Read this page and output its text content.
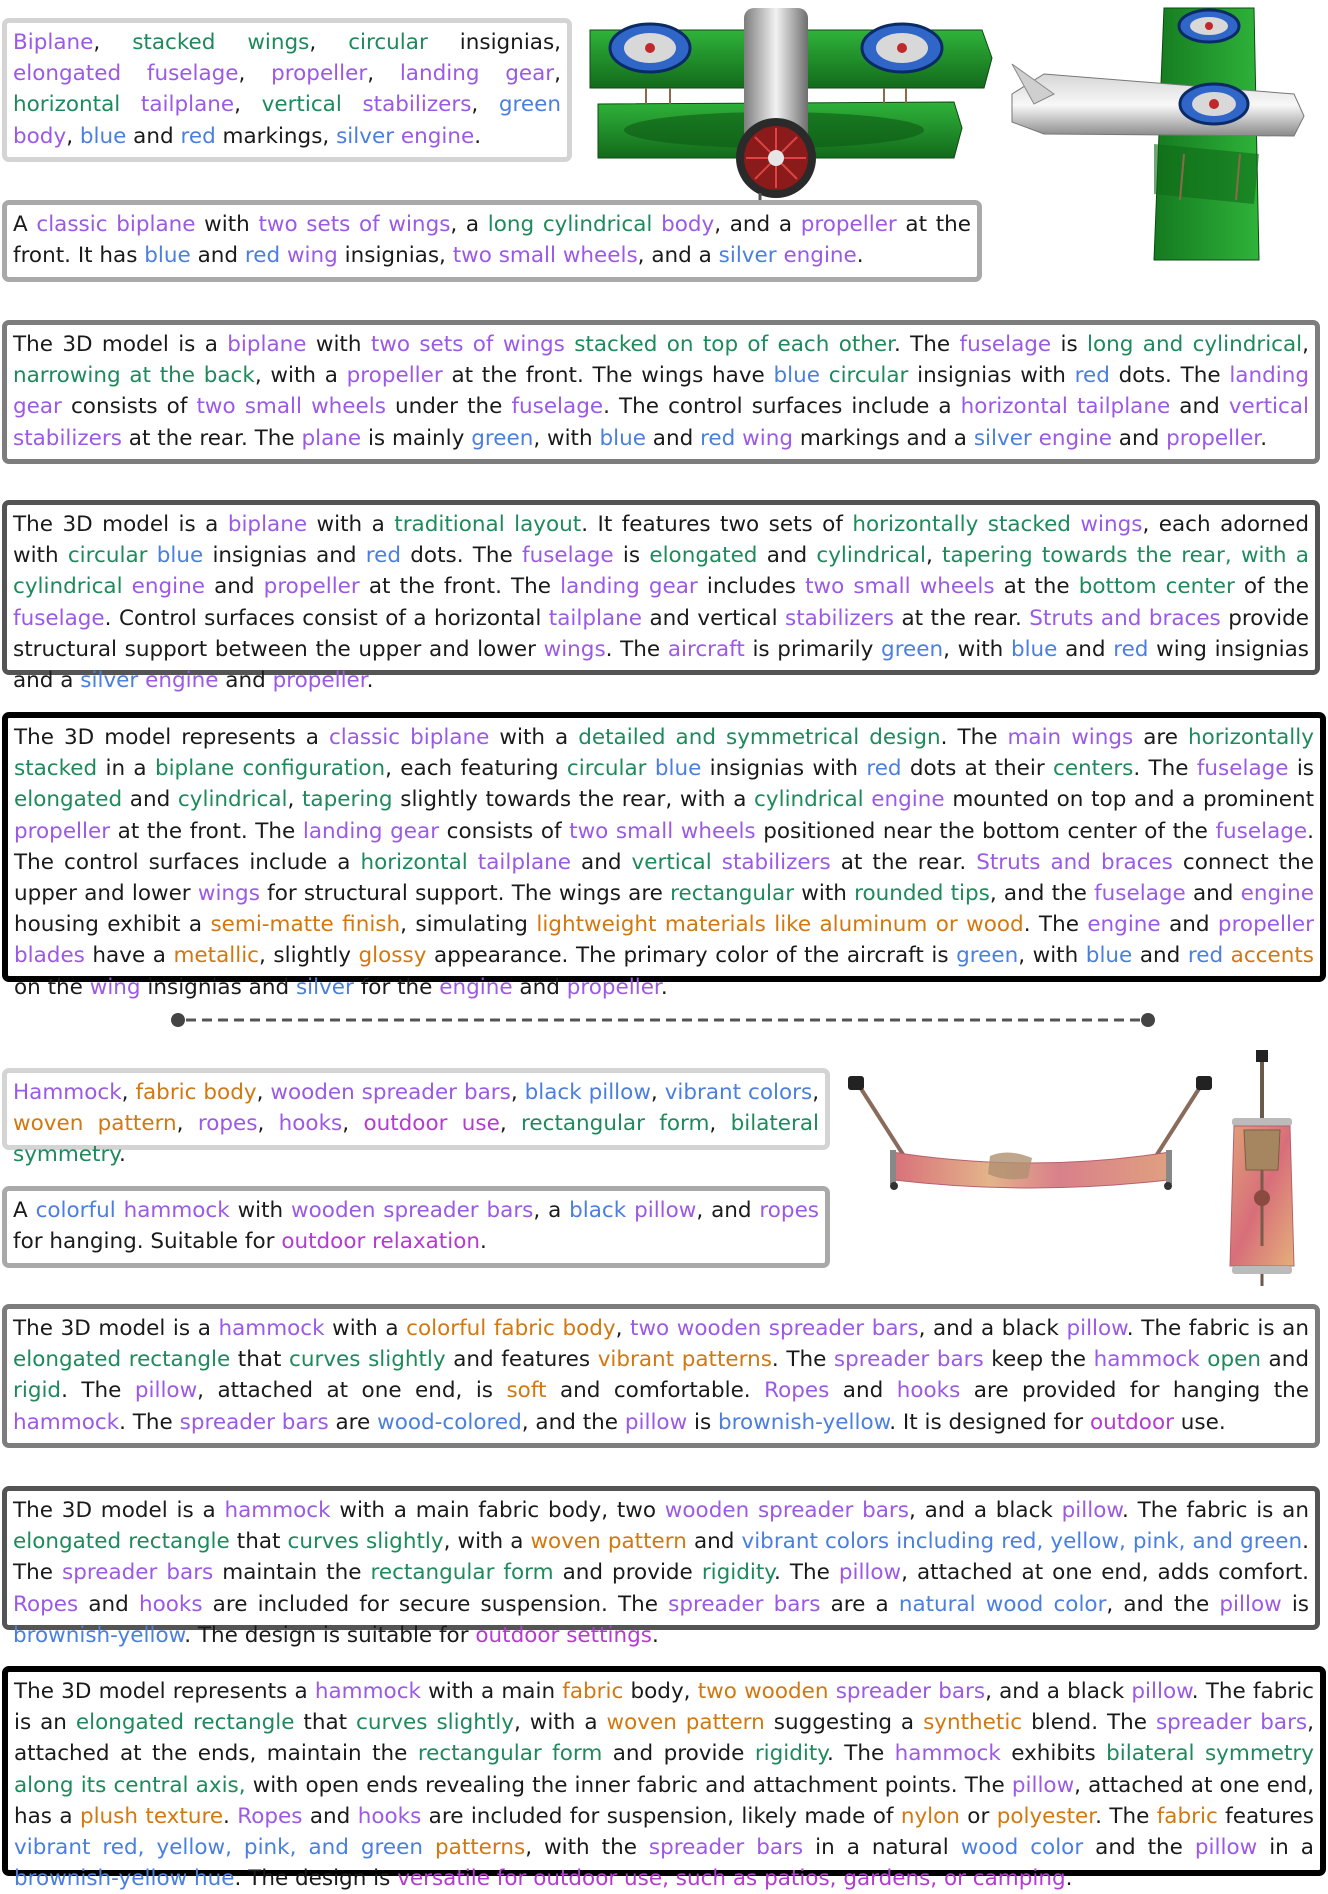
Biplane, stacked wings, circular insignias, elongated fuselage, propeller, landing gear, horizontal tailplane, vertical stabilizers, green body, blue and red markings, silver engine.
A classic biplane with two sets of wings, a long cylindrical body, and a propeller at the front. It has blue and red wing insignias, two small wheels, and a silver engine.
The 3D model is a biplane with two sets of wings stacked on top of each other. The fuselage is long and cylindrical, narrowing at the back, with a propeller at the front. The wings have blue circular insignias with red dots. The landing gear consists of two small wheels under the fuselage. The control surfaces include a horizontal tailplane and vertical stabilizers at the rear. The plane is mainly green, with blue and red wing markings and a silver engine and propeller.
The 3D model is a biplane with a traditional layout. It features two sets of horizontally stacked wings, each adorned with circular blue insignias and red dots. The fuselage is elongated and cylindrical, tapering towards the rear, with a cylindrical engine and propeller at the front. The landing gear includes two small wheels at the bottom center of the fuselage. Control surfaces consist of a horizontal tailplane and vertical stabilizers at the rear. Struts and braces provide structural support between the upper and lower wings. The aircraft is primarily green, with blue and red wing insignias and a silver engine and propeller.
The 3D model represents a classic biplane with a detailed and symmetrical design. The main wings are horizontally stacked in a biplane configuration, each featuring circular blue insignias with red dots at their centers. The fuselage is elongated and cylindrical, tapering slightly towards the rear, with a cylindrical engine mounted on top and a prominent propeller at the front. The landing gear consists of two small wheels positioned near the bottom center of the fuselage. The control surfaces include a horizontal tailplane and vertical stabilizers at the rear. Struts and braces connect the upper and lower wings for structural support. The wings are rectangular with rounded tips, and the fuselage and engine housing exhibit a semi-matte finish, simulating lightweight materials like aluminum or wood. The engine and propeller blades have a metallic, slightly glossy appearance. The primary color of the aircraft is green, with blue and red accents on the wing insignias and silver for the engine and propeller.
Hammock, fabric body, wooden spreader bars, black pillow, vibrant colors, woven pattern, ropes, hooks, outdoor use, rectangular form, bilateral symmetry.
A colorful hammock with wooden spreader bars, a black pillow, and ropes for hanging. Suitable for outdoor relaxation.
The 3D model is a hammock with a colorful fabric body, two wooden spreader bars, and a black pillow. The fabric is an elongated rectangle that curves slightly and features vibrant patterns. The spreader bars keep the hammock open and rigid. The pillow, attached at one end, is soft and comfortable. Ropes and hooks are provided for hanging the hammock. The spreader bars are wood-colored, and the pillow is brownish-yellow. It is designed for outdoor use.
The 3D model is a hammock with a main fabric body, two wooden spreader bars, and a black pillow. The fabric is an elongated rectangle that curves slightly, with a woven pattern and vibrant colors including red, yellow, pink, and green. The spreader bars maintain the rectangular form and provide rigidity. The pillow, attached at one end, adds comfort. Ropes and hooks are included for secure suspension. The spreader bars are a natural wood color, and the pillow is brownish-yellow. The design is suitable for outdoor settings.
The 3D model represents a hammock with a main fabric body, two wooden spreader bars, and a black pillow. The fabric is an elongated rectangle that curves slightly, with a woven pattern suggesting a synthetic blend. The spreader bars, attached at the ends, maintain the rectangular form and provide rigidity. The hammock exhibits bilateral symmetry along its central axis, with open ends revealing the inner fabric and attachment points. The pillow, attached at one end, has a plush texture. Ropes and hooks are included for suspension, likely made of nylon or polyester. The fabric features vibrant red, yellow, pink, and green patterns, with the spreader bars in a natural wood color and the pillow in a brownish-yellow hue. The design is versatile for outdoor use, such as patios, gardens, or camping.
